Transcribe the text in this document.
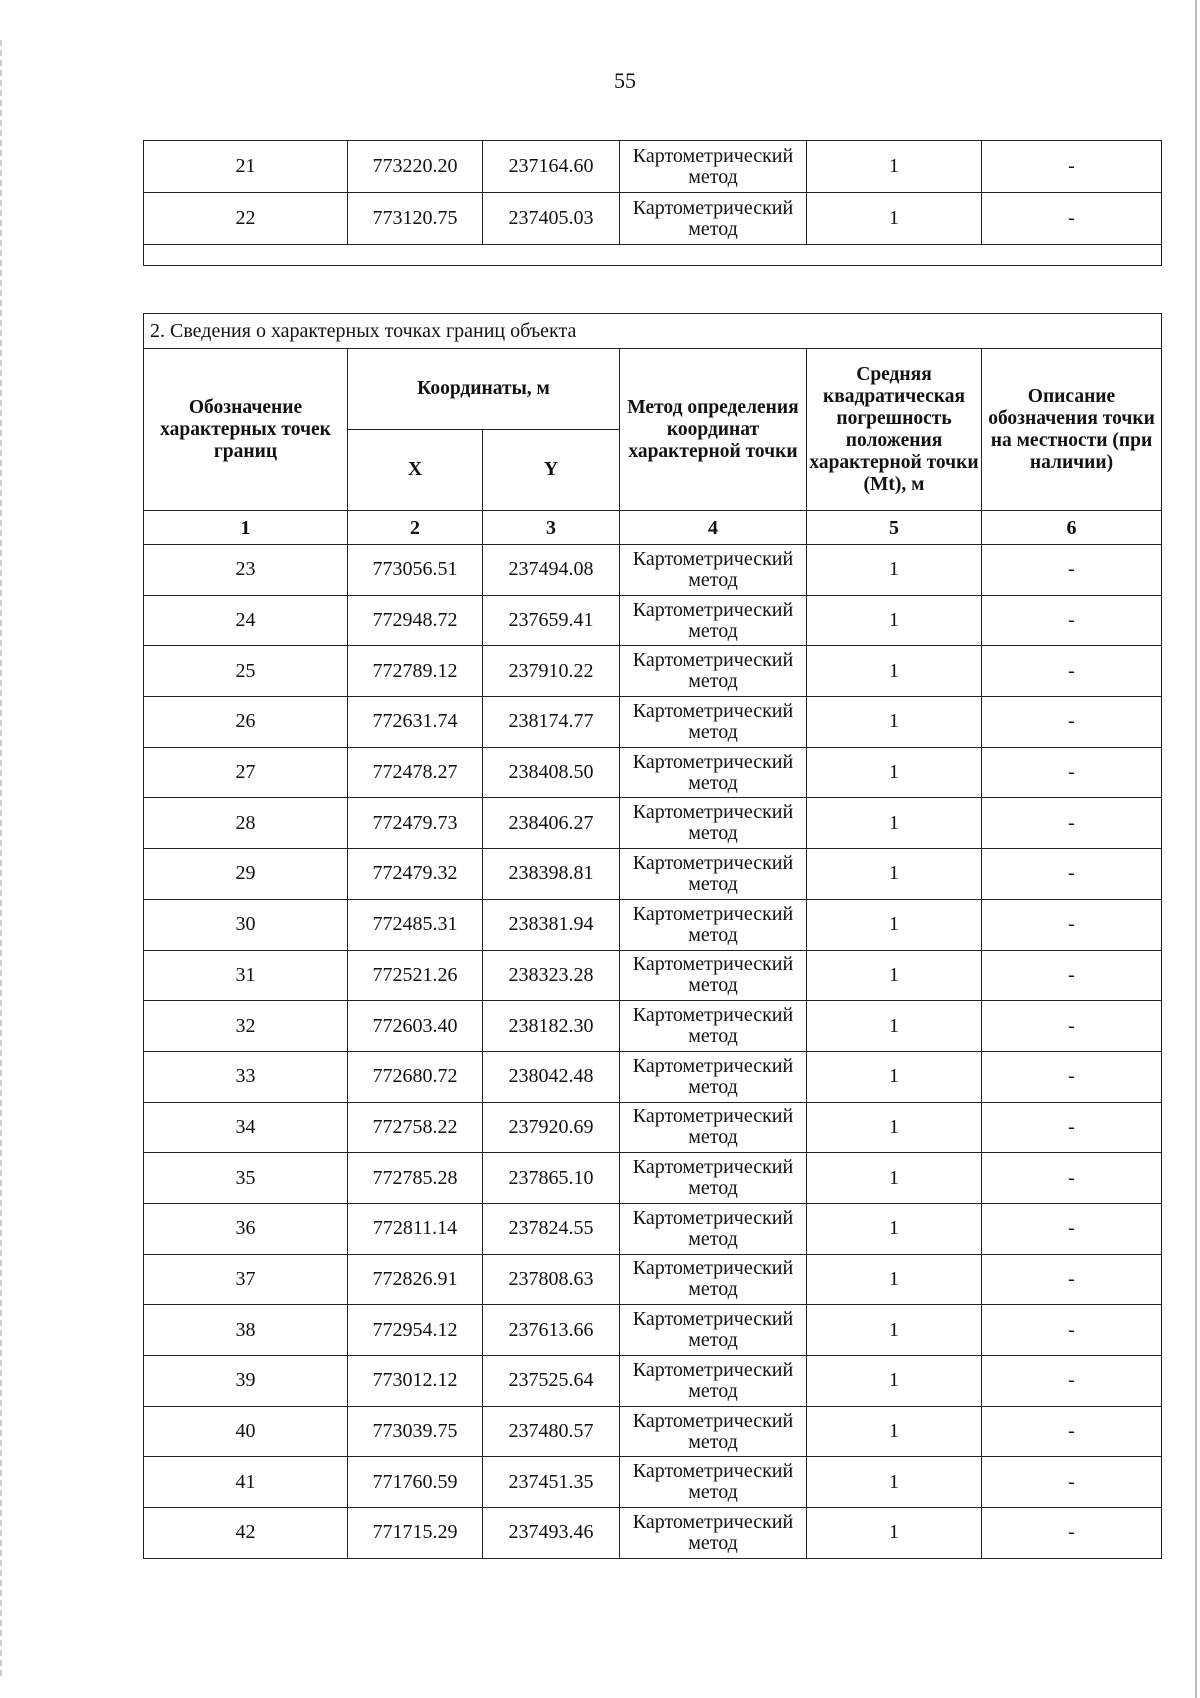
55
21	773220.20	237164.60	Картометрический
метод	1	-
22	773120.75	237405.03	Картометрический
метод	1	-

2. Сведения о характерных точках границ объекта					
Обозначение характерных точек границ	Координаты, м		Метод определения координат характерной точки	Средняя квадратическая погрешность положения характерной точки (Mt), м	Описание обозначения точки на местности (при наличии)
	X	Y			
1	2	3	4	5	6
23	773056.51	237494.08	Картометрический
метод	1	-
24	772948.72	237659.41	Картометрический
метод	1	-
25	772789.12	237910.22	Картометрический
метод	1	-
26	772631.74	238174.77	Картометрический
метод	1	-
27	772478.27	238408.50	Картометрический
метод	1	-
28	772479.73	238406.27	Картометрический
метод	1	-
29	772479.32	238398.81	Картометрический
метод	1	-
30	772485.31	238381.94	Картометрический
метод	1	-
31	772521.26	238323.28	Картометрический
метод	1	-
32	772603.40	238182.30	Картометрический
метод	1	-
33	772680.72	238042.48	Картометрический
метод	1	-
34	772758.22	237920.69	Картометрический
метод	1	-
35	772785.28	237865.10	Картометрический
метод	1	-
36	772811.14	237824.55	Картометрический
метод	1	-
37	772826.91	237808.63	Картометрический
метод	1	-
38	772954.12	237613.66	Картометрический
метод	1	-
39	773012.12	237525.64	Картометрический
метод	1	-
40	773039.75	237480.57	Картометрический
метод	1	-
41	771760.59	237451.35	Картометрический
метод	1	-
42	771715.29	237493.46	Картометрический
метод	1	-
